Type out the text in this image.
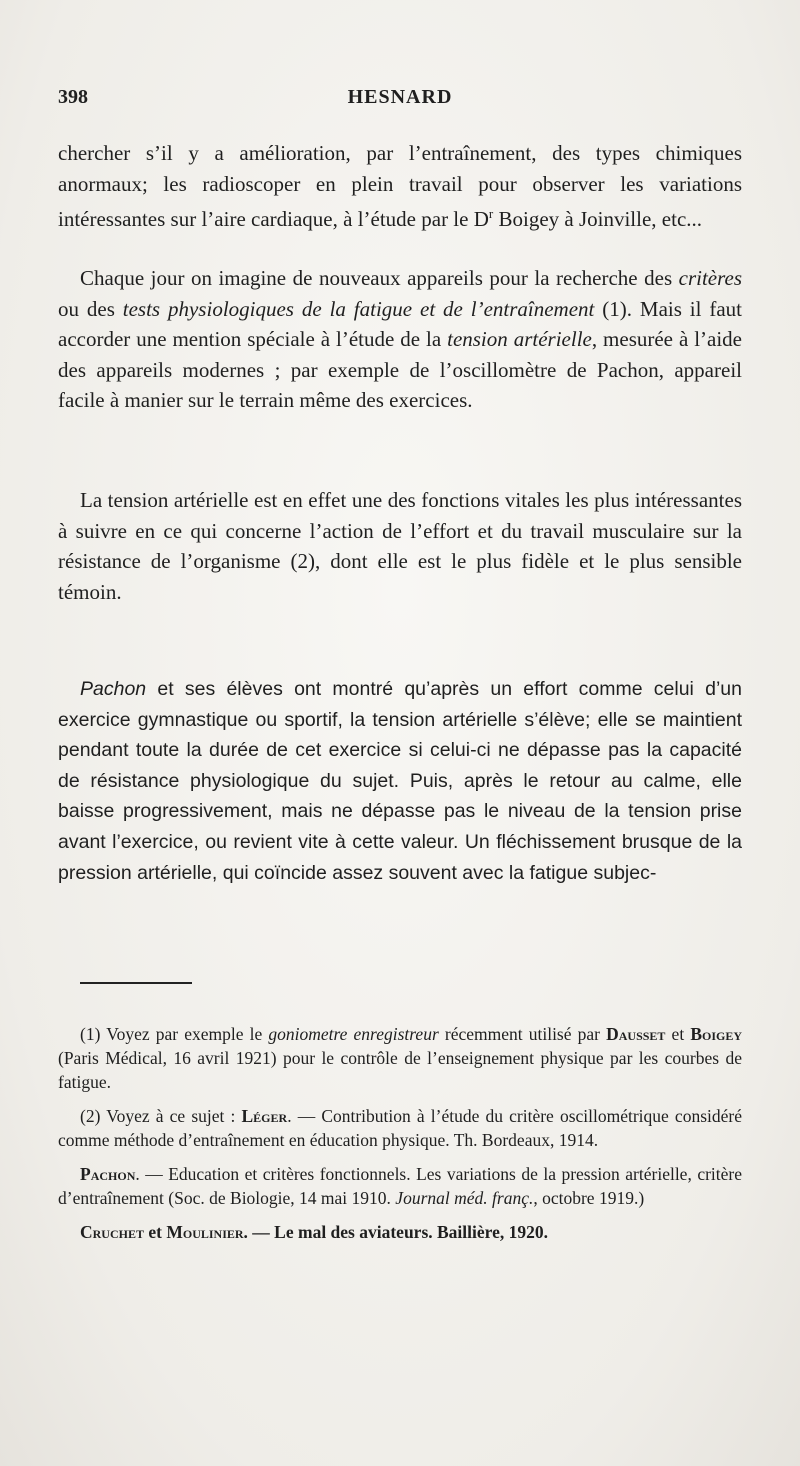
398	HESNARD

chercher s’il y a amélioration, par l’entraînement, des types chimiques anormaux; les radioscoper en plein travail pour observer les variations intéressantes sur l’aire cardiaque, à l’étude par le $D^r$ Boigey à Joinville, etc...

Chaque jour on imagine de nouveaux appareils pour la recherche des critères ou des tests physiologiques de la fatigue et de l’entraînement (1). Mais il faut accorder une mention spéciale à l’étude de la tension artérielle, mesurée à l’aide des appareils modernes ; par exemple de l’oscillomètre de Pachon, appareil facile à manier sur le terrain même des exercices.

La tension artérielle est en effet une des fonctions vitales les plus intéressantes à suivre en ce qui concerne l’action de l’effort et du travail musculaire sur la résistance de l’organisme (2), dont elle est le plus fidèle et le plus sensible témoin.

Pachon et ses élèves ont montré qu’après un effort comme celui d’un exercice gymnastique ou sportif, la tension artérielle s’élève; elle se maintient pendant toute la durée de cet exercice si celui-ci ne dépasse pas la capacité de résistance physiologique du sujet. Puis, après le retour au calme, elle baisse progressivement, mais ne dépasse pas le niveau de la tension prise avant l’exercice, ou revient vite à cette valeur. Un fléchissement brusque de la pression artérielle, qui coïncide assez souvent avec la fatigue subjec-

(1) Voyez par exemple le goniometre enregistreur récemment utilisé par Dausset et Boigey (Paris Médical, 16 avril 1921) pour le contrôle de l’enseignement physique par les courbes de fatigue.

(2) Voyez à ce sujet : Léger. — Contribution à l’étude du critère oscillométrique considéré comme méthode d’entraînement en éducation physique. Th. Bordeaux, 1914.

Pachon. — Education et critères fonctionnels. Les variations de la pression artérielle, critère d’entraînement (Soc. de Biologie, 14 mai 1910. Journal méd. franç., octobre 1919.)

Cruchet et Moulinier. — Le mal des aviateurs. Baillière, 1920.
